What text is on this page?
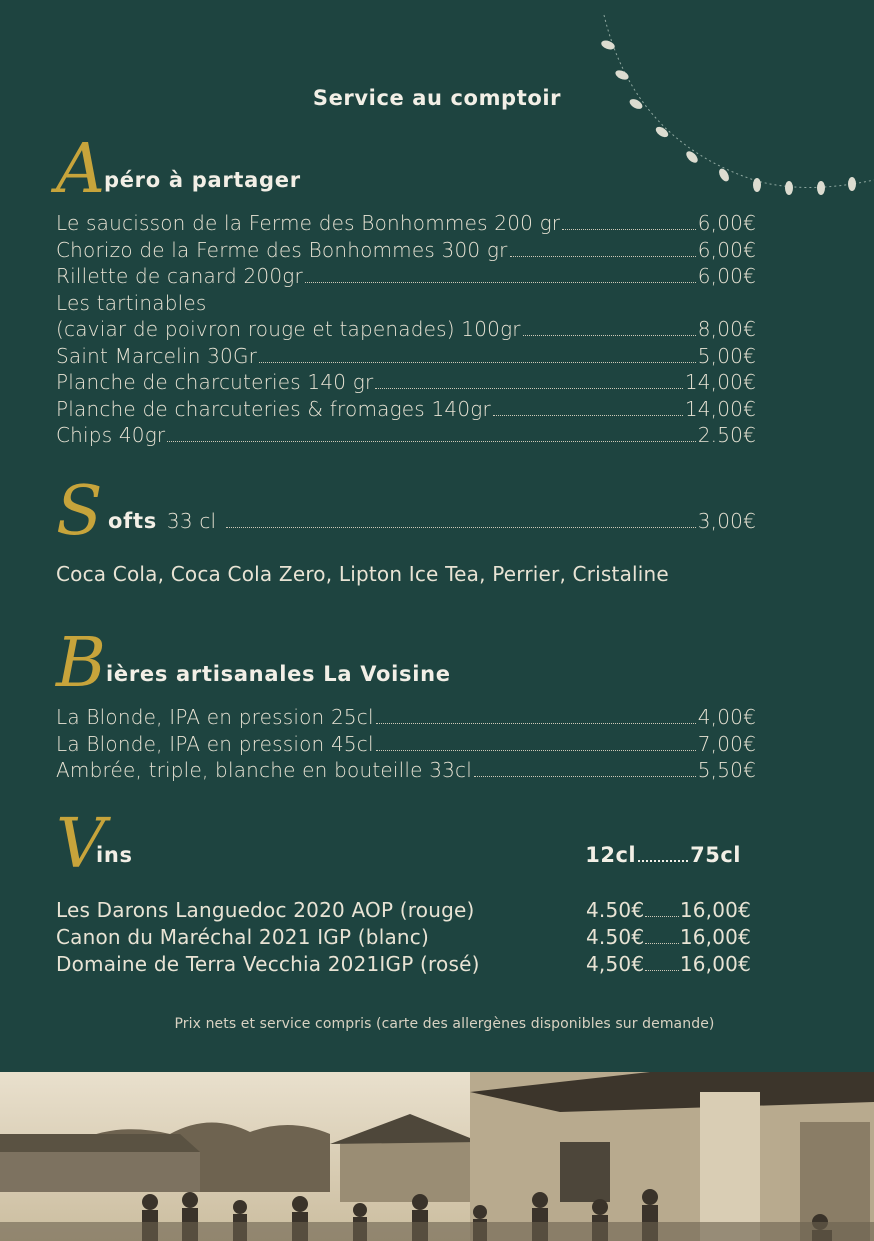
Service au comptoir
A
péro à partager
Le saucisson de la Ferme des Bonhommes 200 gr	6,00€
Chorizo de la Ferme des Bonhommes 300 gr	6,00€
Rillette de canard 200gr	6,00€
Les tartinables
(caviar de poivron rouge et tapenades) 100gr	8,00€
Saint Marcelin 30Gr	5,00€
Planche de charcuteries 140 gr	14,00€
Planche de charcuteries & fromages 140gr	14,00€
Chips 40gr	2.50€
S ofts 33 cl	3,00€
Coca Cola, Coca Cola Zero, Lipton Ice Tea, Perrier, Cristaline
B ières artisanales La Voisine
La Blonde, IPA en pression 25cl	4,00€
La Blonde, IPA en pression 45cl	7,00€
Ambrée, triple, blanche en bouteille 33cl	5,50€
V
ins	12cl	75cl
Les Darons Languedoc 2020 AOP (rouge)	4.50€ 16,00€
Canon du Maréchal 2021 IGP (blanc)	4.50€ 16,00€
Domaine de Terra Vecchia 2021IGP (rosé)	4,50€ 16,00€
Prix nets et service compris (carte des allergènes disponibles sur demande)
